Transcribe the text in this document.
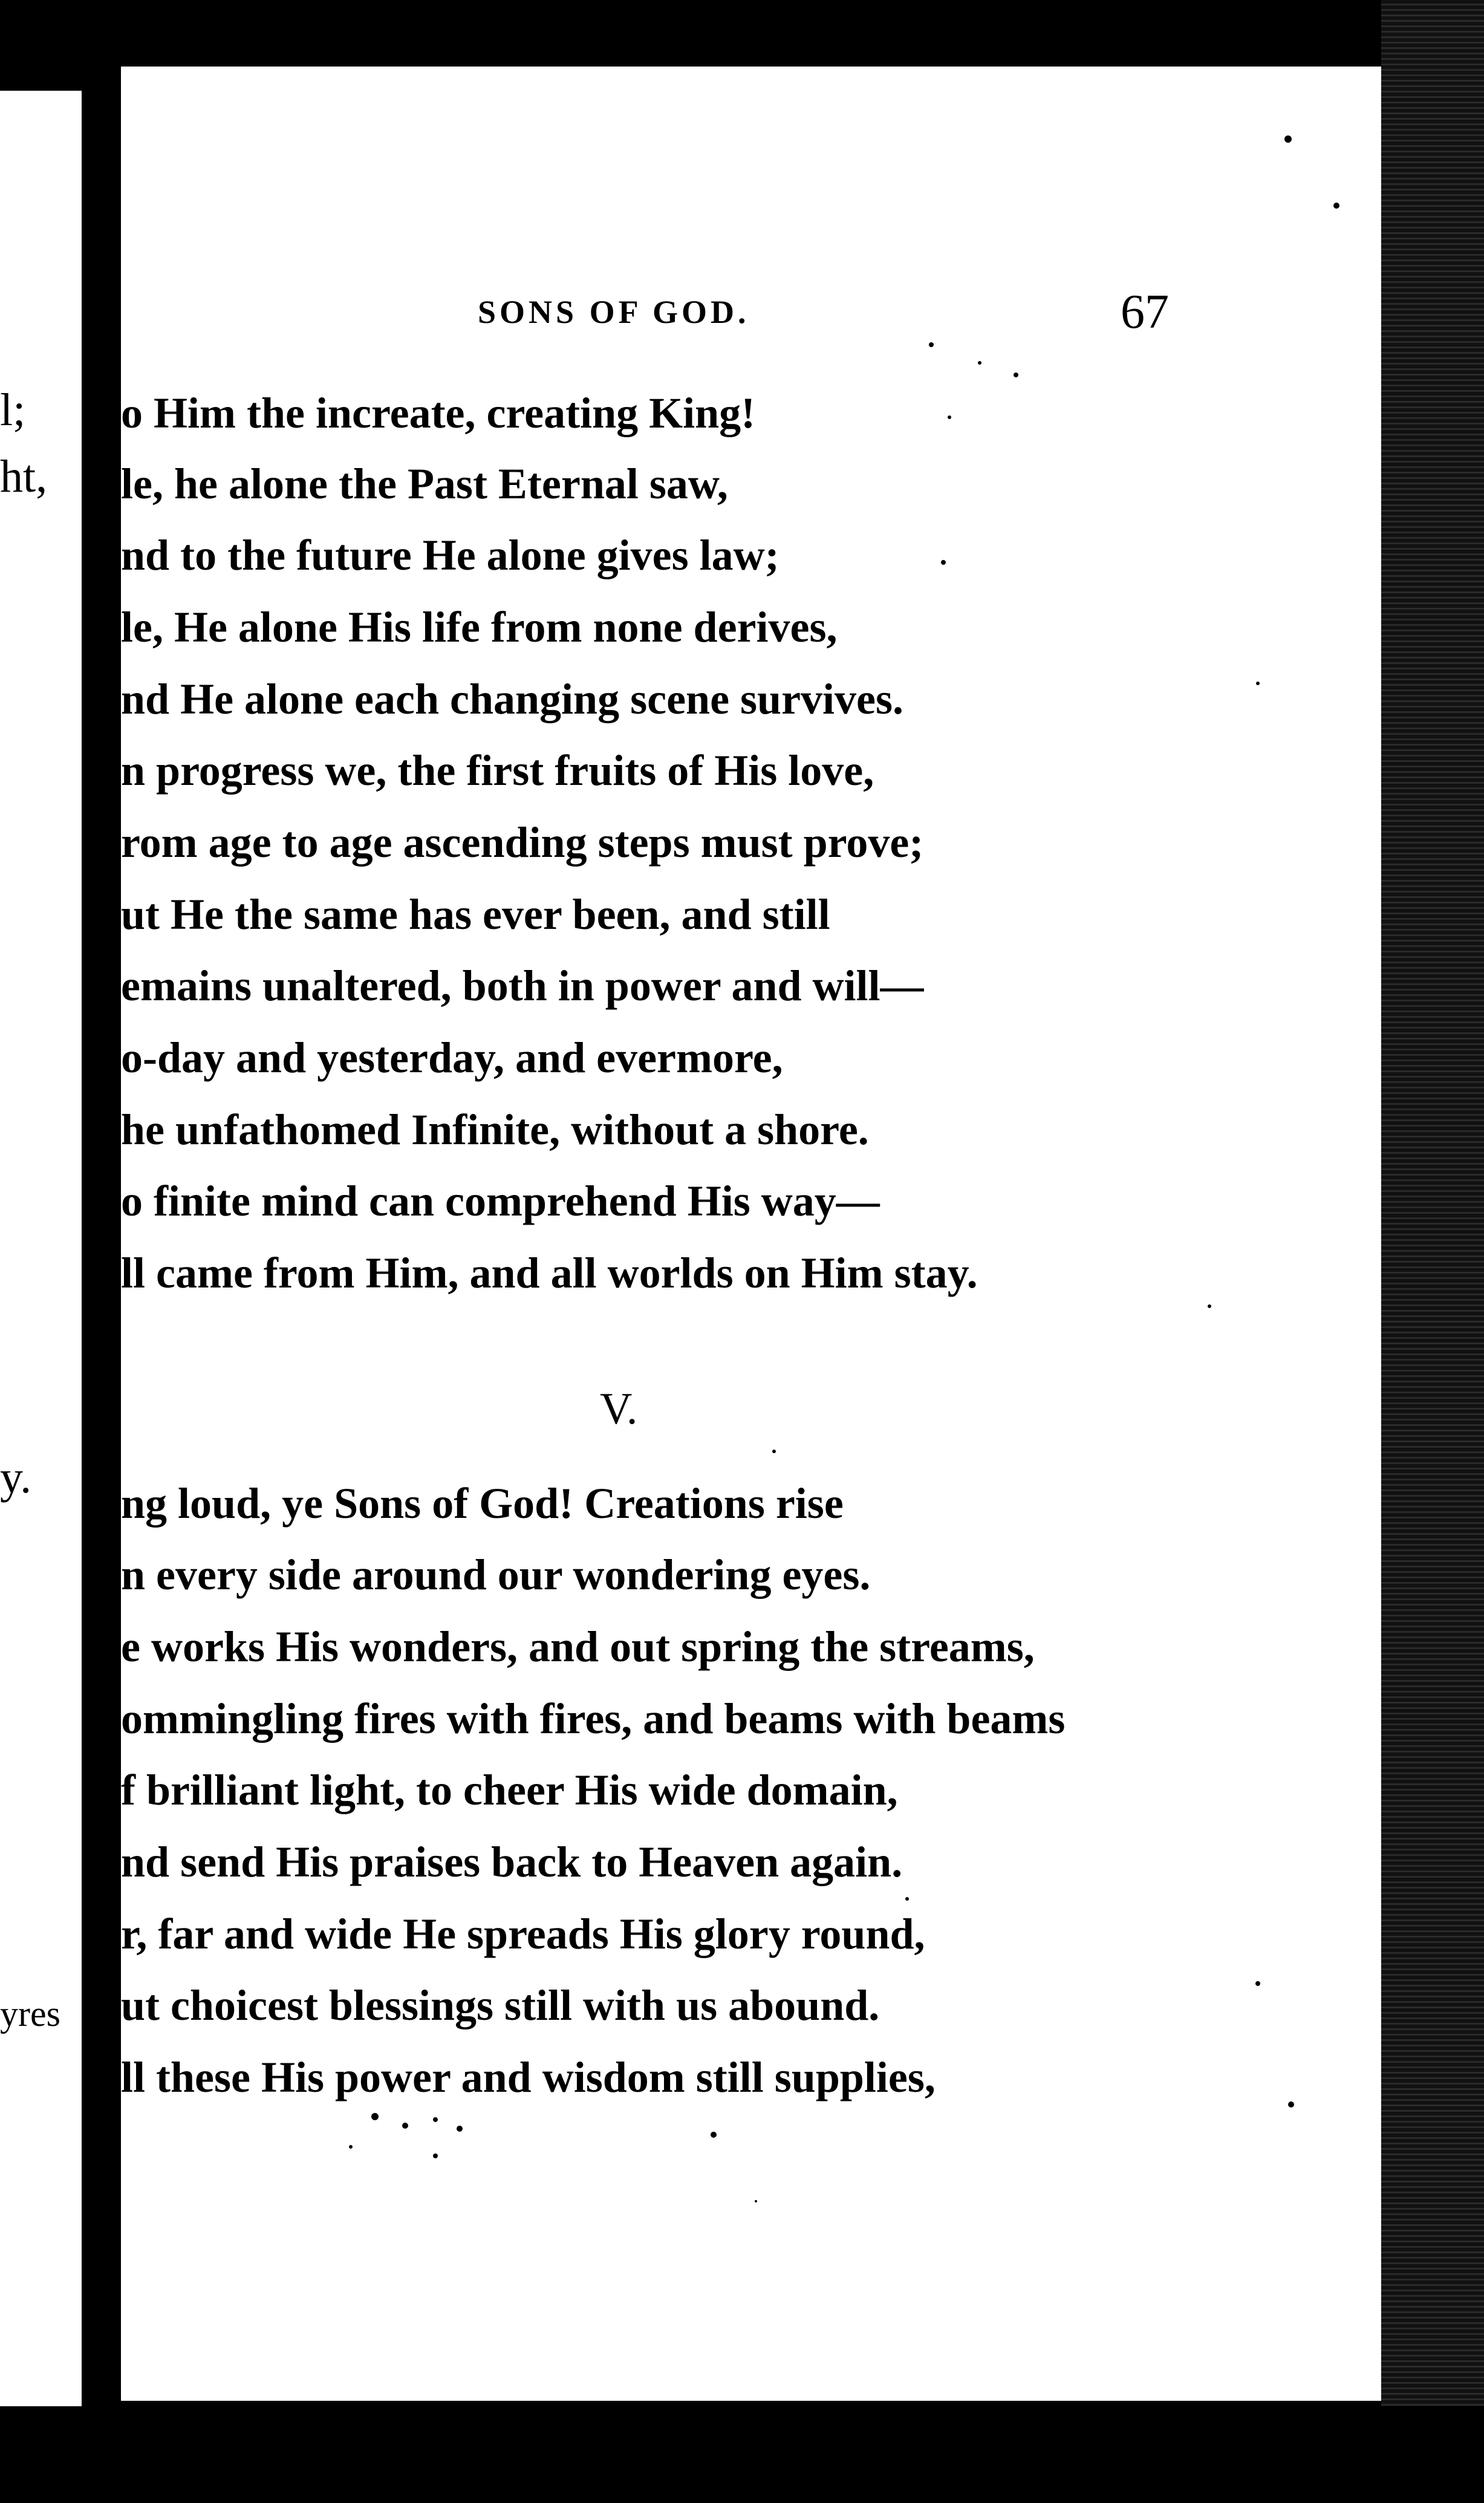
l;
ht,
y.
yres
SONS OF GOD.	67
o Him the increate, creating King!
le, he alone the Past Eternal saw,
nd to the future He alone gives law;
le, He alone His life from none derives,
nd He alone each changing scene survives.
n progress we, the first fruits of His love,
rom age to age ascending steps must prove;
ut He the same has ever been, and still
emains unaltered, both in power and will—
o-day and yesterday, and evermore,
he unfathomed Infinite, without a shore.
o finite mind can comprehend His way—
ll came from Him, and all worlds on Him stay.
V.
ng loud, ye Sons of God! Creations rise
n every side around our wondering eyes.
e works His wonders, and out spring the streams,
ommingling fires with fires, and beams with beams
f brilliant light, to cheer His wide domain,
nd send His praises back to Heaven again.
r, far and wide He spreads His glory round,
ut choicest blessings still with us abound.
ll these His power and wisdom still supplies,
